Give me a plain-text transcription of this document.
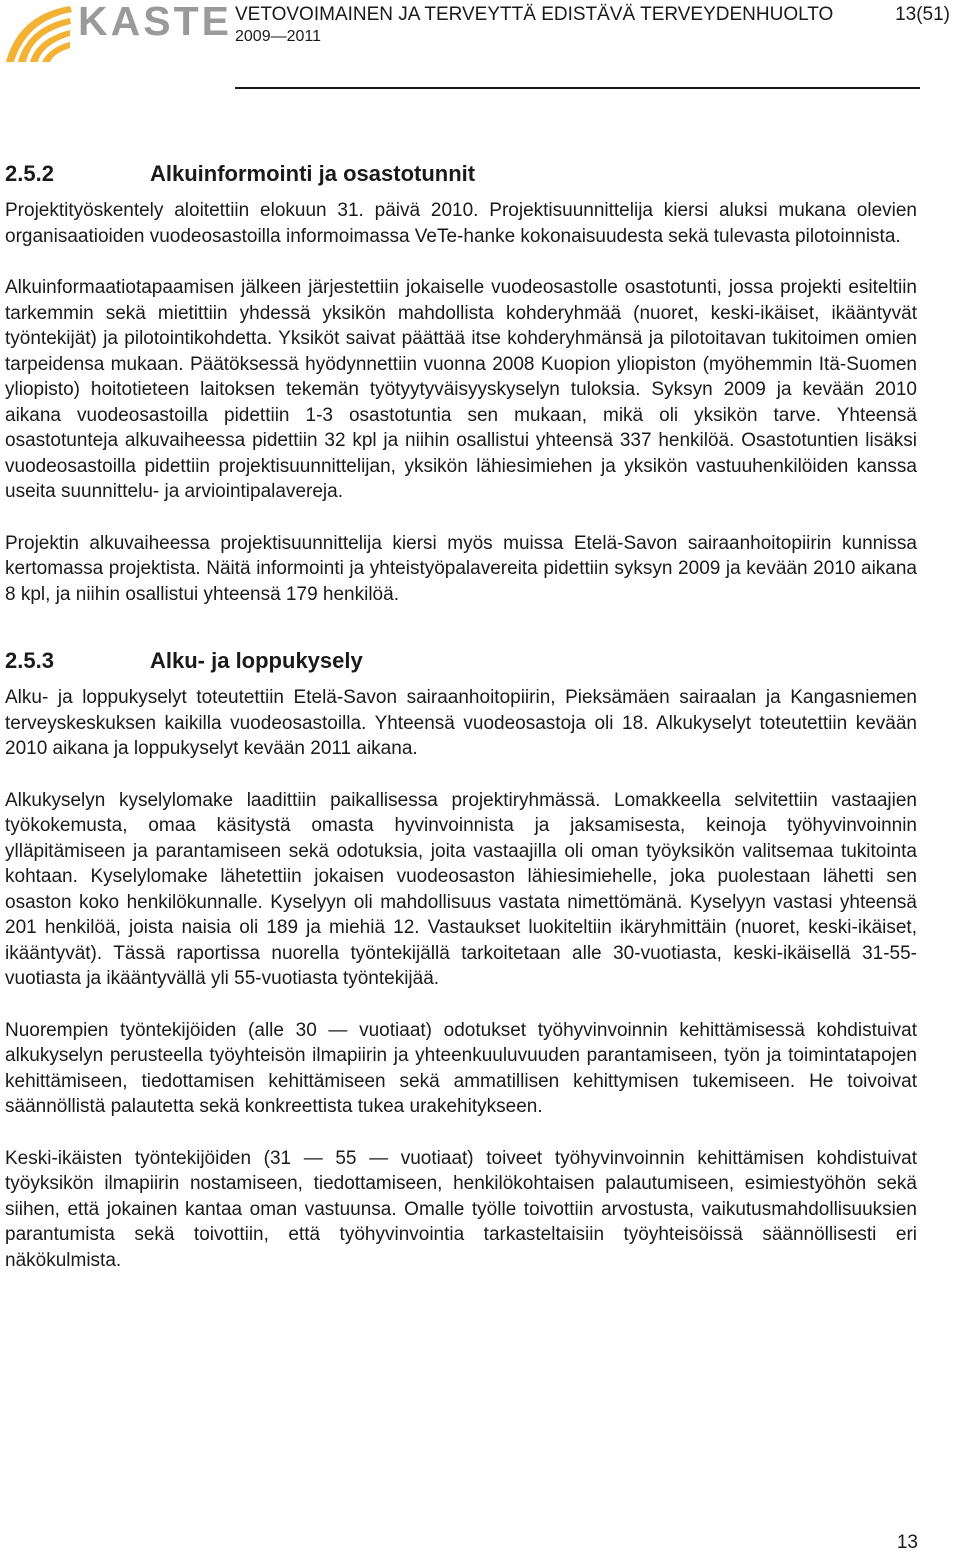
KASTE VETOVOIMAINEN JA TERVEYTTÄ EDISTÄVÄ TERVEYDENHUOLTO
2009—2011
13(51)
2.5.2	Alkuinformointi ja osastotunnit

Projektityöskentely aloitettiin elokuun 31. päivä 2010. Projektisuunnittelija kiersi aluksi mukana olevien organisaatioiden vuodeosastoilla informoimassa VeTe-hanke kokonaisuudesta sekä tulevasta pilotoinnista.

Alkuinformaatiotapaamisen jälkeen järjestettiin jokaiselle vuodeosastolle osastotunti, jossa projekti esiteltiin tarkemmin sekä mietittiin yhdessä yksikön mahdollista kohderyhmää (nuoret, keski-ikäiset, ikääntyvät työntekijät) ja pilotointikohdetta. Yksiköt saivat päättää itse kohderyhmänsä ja pilotoitavan tukitoimen omien tarpeidensa mukaan. Päätöksessä hyödynnettiin vuonna 2008 Kuopion yliopiston (myöhemmin Itä-Suomen yliopisto) hoitotieteen laitoksen tekemän työtyytyväisyyskyselyn tuloksia. Syksyn 2009 ja kevään 2010 aikana vuodeosastoilla pidettiin 1-3 osastotuntia sen mukaan, mikä oli yksikön tarve. Yhteensä osastotunteja alkuvaiheessa pidettiin 32 kpl ja niihin osallistui yhteensä 337 henkilöä. Osastotuntien lisäksi vuodeosastoilla pidettiin projektisuunnittelijan, yksikön lähiesimiehen ja yksikön vastuuhenkilöiden kanssa useita suunnittelu- ja arviointipalavereja.

Projektin alkuvaiheessa projektisuunnittelija kiersi myös muissa Etelä-Savon sairaanhoitopiirin kunnissa kertomassa projektista. Näitä informointi ja yhteistyöpalavereita pidettiin syksyn 2009 ja kevään 2010 aikana 8 kpl, ja niihin osallistui yhteensä 179 henkilöä.

2.5.3	Alku- ja loppukysely

Alku- ja loppukyselyt toteutettiin Etelä-Savon sairaanhoitopiirin, Pieksämäen sairaalan ja Kangasniemen terveyskeskuksen kaikilla vuodeosastoilla. Yhteensä vuodeosastoja oli 18. Alkukyselyt toteutettiin kevään 2010 aikana ja loppukyselyt kevään 2011 aikana.

Alkukyselyn kyselylomake laadittiin paikallisessa projektiryhmässä. Lomakkeella selvitettiin vastaajien työkokemusta, omaa käsitystä omasta hyvinvoinnista ja jaksamisesta, keinoja työhyvinvoinnin ylläpitämiseen ja parantamiseen sekä odotuksia, joita vastaajilla oli oman työyksikön valitsemaa tukitointa kohtaan. Kyselylomake lähetettiin jokaisen vuodeosaston lähiesimiehelle, joka puolestaan lähetti sen osaston koko henkilökunnalle. Kyselyyn oli mahdollisuus vastata nimettömänä. Kyselyyn vastasi yhteensä 201 henkilöä, joista naisia oli 189 ja miehiä 12. Vastaukset luokiteltiin ikäryhmittäin (nuoret, keski-ikäiset, ikääntyvät). Tässä raportissa nuorella työntekijällä tarkoitetaan alle 30-vuotiasta, keski-ikäisellä 31-55-vuotiasta ja ikääntyvällä yli 55-vuotiasta työntekijää.

Nuorempien työntekijöiden (alle 30 — vuotiaat) odotukset työhyvinvoinnin kehittämisessä kohdistuivat alkukyselyn perusteella työyhteisön ilmapiirin ja yhteenkuuluvuuden parantamiseen, työn ja toimintatapojen kehittämiseen, tiedottamisen kehittämiseen sekä ammatillisen kehittymisen tukemiseen. He toivoivat säännöllistä palautetta sekä konkreettista tukea urakehitykseen.

Keski-ikäisten työntekijöiden (31 — 55 — vuotiaat) toiveet työhyvinvoinnin kehittämisen kohdistuivat työyksikön ilmapiirin nostamiseen, tiedottamiseen, henkilökohtaisen palautumiseen, esimiestyöhön sekä siihen, että jokainen kantaa oman vastuunsa. Omalle työlle toivottiin arvostusta, vaikutusmahdollisuuksien parantumista sekä toivottiin, että työhyvinvointia tarkasteltaisiin työyhteisöissä säännöllisesti eri näkökulmista.

13
